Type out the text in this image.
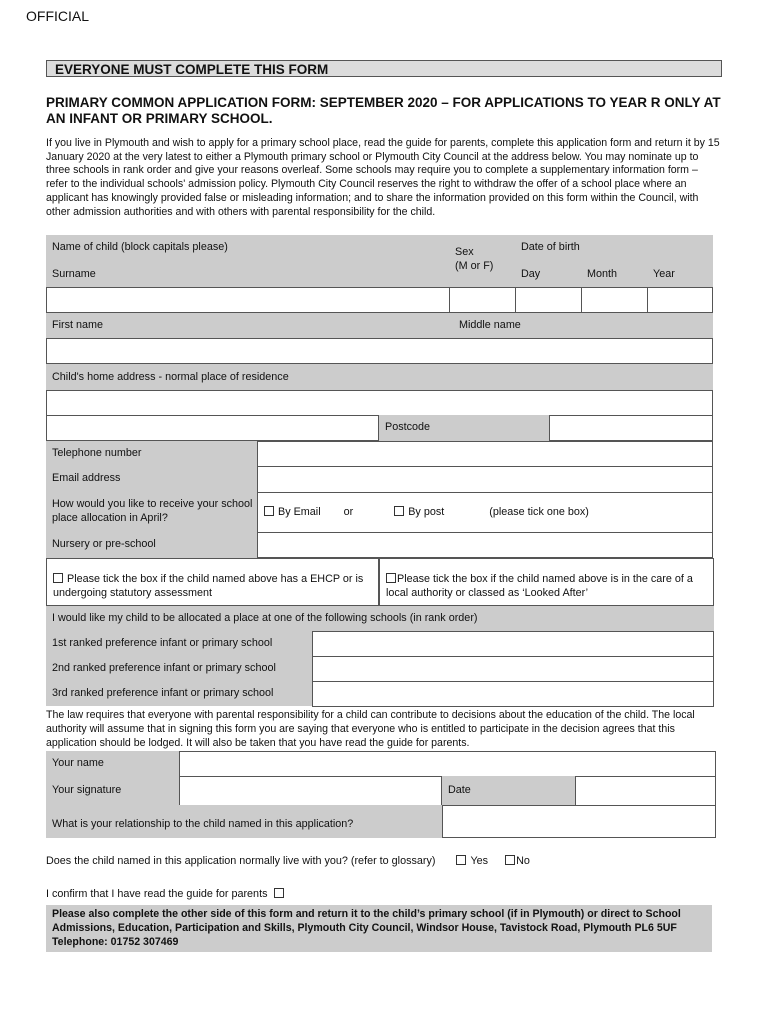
OFFICIAL
EVERYONE MUST COMPLETE THIS FORM
PRIMARY COMMON APPLICATION FORM: SEPTEMBER 2020 – FOR APPLICATIONS TO YEAR R ONLY AT AN INFANT OR PRIMARY SCHOOL.
If you live in Plymouth and wish to apply for a primary school place, read the guide for parents, complete this application form and return it by 15 January 2020 at the very latest to either a Plymouth primary school or Plymouth City Council at the address below. You may nominate up to three schools in rank order and give your reasons overleaf. Some schools may require you to complete a supplementary information form – refer to the individual schools' admission policy. Plymouth City Council reserves the right to withdraw the offer of a school place where an applicant has knowingly provided false or misleading information; and to share the information provided on this form within the Council, with other admission authorities and with others with parental responsibility for the child.
Name of child (block capitals please)
Surname
Sex
(M or F)
Date of birth
Day	Month	Year
First name	Middle name
Child's home address - normal place of residence
Postcode
Telephone number
Email address
How would you like to receive your school place allocation in April?	By Email or	By post	(please tick one box)
Nursery or pre-school
Please tick the box if the child named above has a EHCP or is undergoing statutory assessment
Please tick the box if the child named above is in the care of a local authority or classed as ‘Looked After’
I would like my child to be allocated a place at one of the following schools (in rank order)
1st ranked preference infant or primary school
2nd ranked preference infant or primary school
3rd ranked preference infant or primary school
The law requires that everyone with parental responsibility for a child can contribute to decisions about the education of the child. The local authority will assume that in signing this form you are saying that everyone who is entitled to participate in the decision agrees that this application should be lodged. It will also be taken that you have read the guide for parents.
Your name
Your signature	Date
What is your relationship to the child named in this application?
Does the child named in this application normally live with you? (refer to glossary)	Yes	No
I confirm that I have read the guide for parents
Please also complete the other side of this form and return it to the child’s primary school (if in Plymouth) or direct to School Admissions, Education, Participation and Skills, Plymouth City Council, Windsor House, Tavistock Road, Plymouth PL6 5UF Telephone: 01752 307469
